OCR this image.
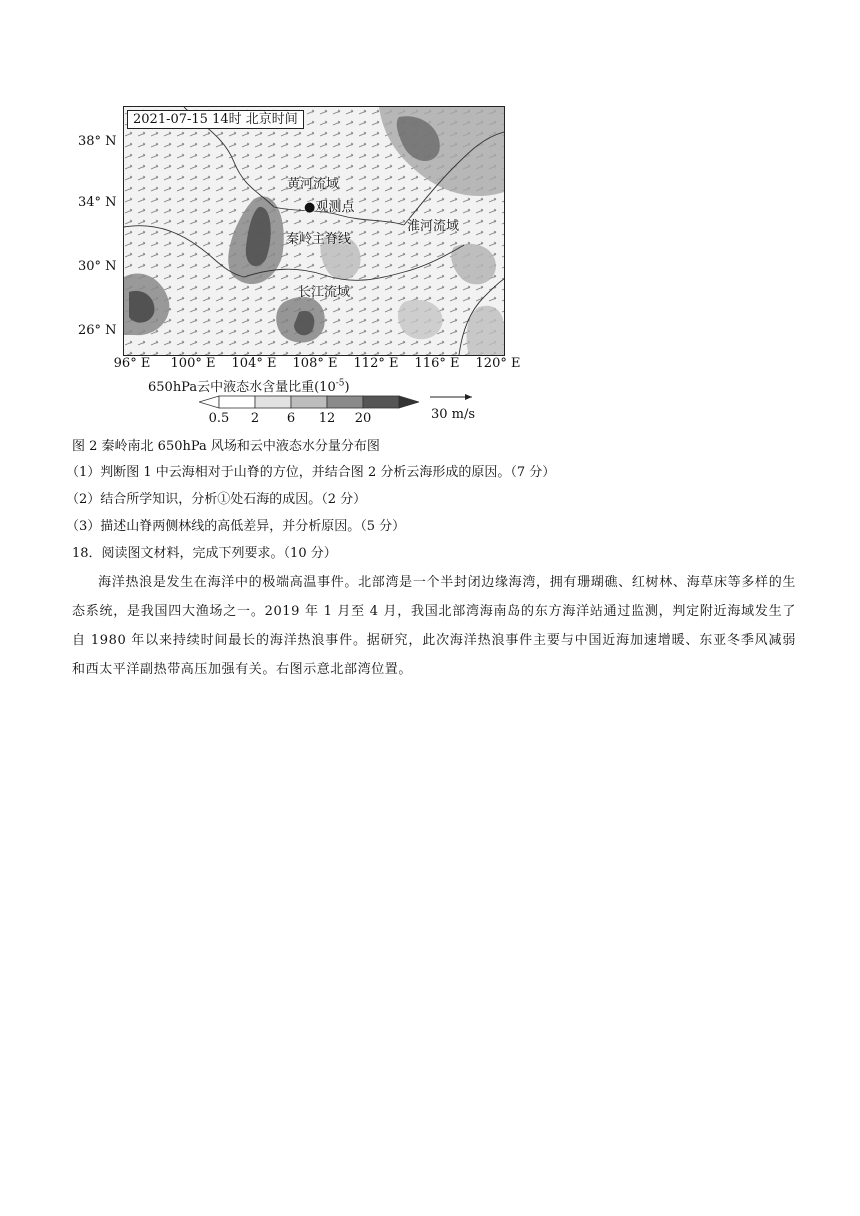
2021-07-15 14时 北京时间
黄河流域
●观测点
秦岭主脊线
淮河流域
长江流域
38° N
34° N
30° N
26° N
96° E 100° E 104° E 108° E 112° E 116° E 120° E
650hPa云中液态水含量比重$(10^{-5})$
0.5 2 6 12 20	30 m/s
图 2 秦岭南北 650hPa 风场和云中液态水分量分布图
（1）判断图 1 中云海相对于山脊的方位，并结合图 2 分析云海形成的原因。（7 分）
（2）结合所学知识，分析①处石海的成因。（2 分）
（3）描述山脊两侧林线的高低差异，并分析原因。（5 分）
18．阅读图文材料，完成下列要求。（10 分）
海洋热浪是发生在海洋中的极端高温事件。北部湾是一个半封闭边缘海湾，拥有珊瑚礁、红树林、海草床等多样的生态系统，是我国四大渔场之一。2019 年 1 月至 4 月，我国北部湾海南岛的东方海洋站通过监测，判定附近海域发生了自 1980 年以来持续时间最长的海洋热浪事件。据研究，此次海洋热浪事件主要与中国近海加速增暖、东亚冬季风减弱和西太平洋副热带高压加强有关。右图示意北部湾位置。
